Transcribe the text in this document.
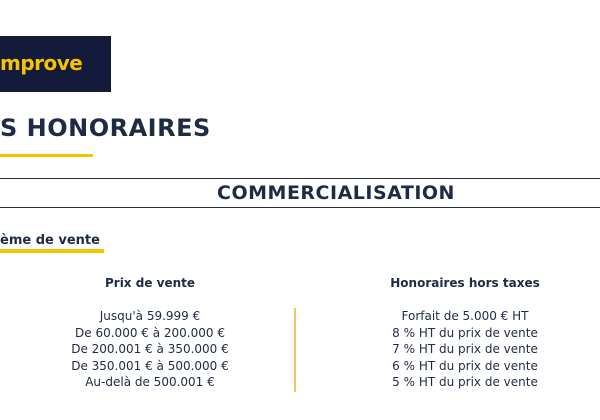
mprove
S HONORAIRES
COMMERCIALISATION
ème de vente
Prix de vente
Jusqu'à 59.999 €
De 60.000 € à 200.000 €
De 200.001 € à 350.000 €
De 350.001 € à 500.000 €
Au-delà de 500.001 €
Honoraires hors taxes
Forfait de 5.000 € HT
8 % HT du prix de vente
7 % HT du prix de vente
6 % HT du prix de vente
5 % HT du prix de vente
